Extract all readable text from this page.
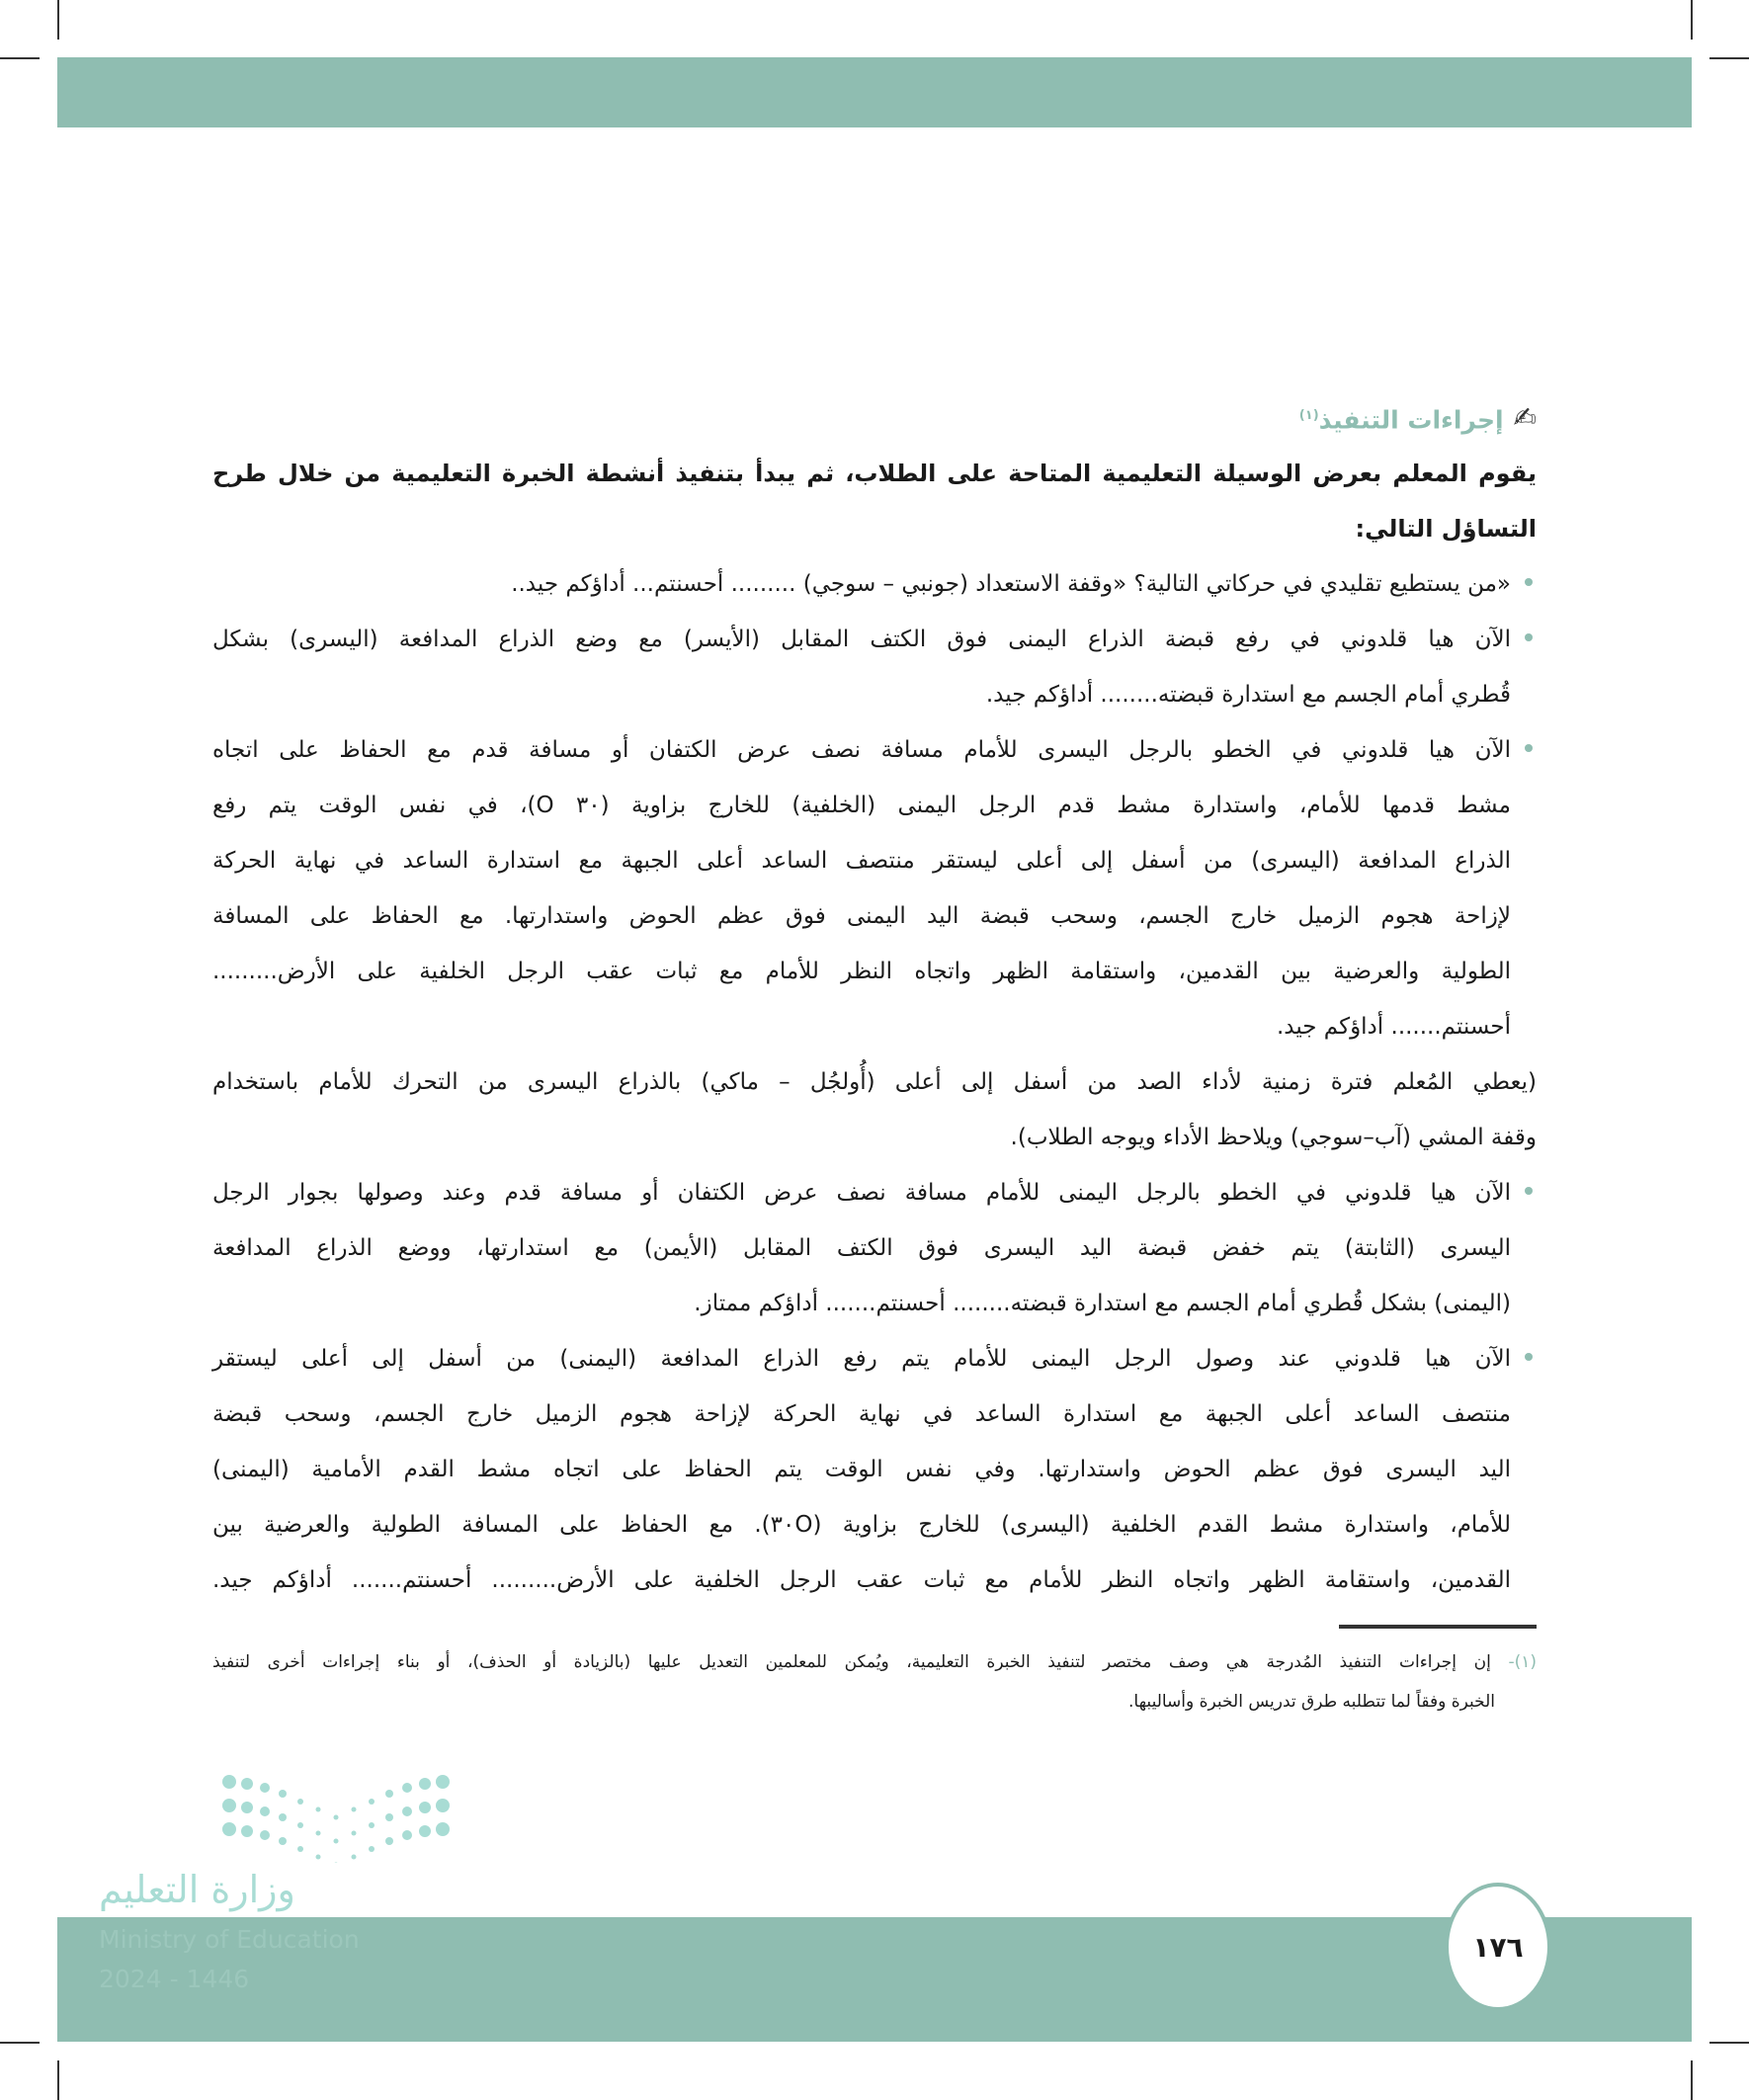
✍
إجراءات التنفيذ$^{(١)}$
يقوم المعلم بعرض الوسيلة التعليمية المتاحة على الطلاب، ثم يبدأ بتنفيذ أنشطة الخبرة التعليمية من خلال طرح
التساؤل التالي:
«من يستطيع تقليدي في حركاتي التالية؟ «وقفة الاستعداد (جونبي – سوجي) ......... أحسنتم... أداؤكم جيد..
الآن هيا قلدوني في رفع قبضة الذراع اليمنى فوق الكتف المقابل (الأيسر) مع وضع الذراع المدافعة (اليسرى) بشكل
قُطري أمام الجسم مع استدارة قبضته........ أداؤكم جيد.
الآن هيا قلدوني في الخطو بالرجل اليسرى للأمام مسافة نصف عرض الكتفان أو مسافة قدم مع الحفاظ على اتجاه
مشط قدمها للأمام، واستدارة مشط قدم الرجل اليمنى (الخلفية) للخارج بزاوية (٣٠ O)، في نفس الوقت يتم رفع
الذراع المدافعة (اليسرى) من أسفل إلى أعلى ليستقر منتصف الساعد أعلى الجبهة مع استدارة الساعد في نهاية الحركة
لإزاحة هجوم الزميل خارج الجسم، وسحب قبضة اليد اليمنى فوق عظم الحوض واستدارتها. مع الحفاظ على المسافة
الطولية والعرضية بين القدمين، واستقامة الظهر واتجاه النظر للأمام مع ثبات عقب الرجل الخلفية على الأرض.........
أحسنتم....... أداؤكم جيد.
(يعطي المُعلم فترة زمنية لأداء الصد من أسفل إلى أعلى (أُولجُل – ماكي) بالذراع اليسرى من التحرك للأمام باستخدام
وقفة المشي (آب–سوجي) ويلاحظ الأداء ويوجه الطلاب).
الآن هيا قلدوني في الخطو بالرجل اليمنى للأمام مسافة نصف عرض الكتفان أو مسافة قدم وعند وصولها بجوار الرجل
اليسرى (الثابتة) يتم خفض قبضة اليد اليسرى فوق الكتف المقابل (الأيمن) مع استدارتها، ووضع الذراع المدافعة
(اليمنى) بشكل قُطري أمام الجسم مع استدارة قبضته........ أحسنتم....... أداؤكم ممتاز.
الآن هيا قلدوني عند وصول الرجل اليمنى للأمام يتم رفع الذراع المدافعة (اليمنى) من أسفل إلى أعلى ليستقر
منتصف الساعد أعلى الجبهة مع استدارة الساعد في نهاية الحركة لإزاحة هجوم الزميل خارج الجسم، وسحب قبضة
اليد اليسرى فوق عظم الحوض واستدارتها. وفي نفس الوقت يتم الحفاظ على اتجاه مشط القدم الأمامية (اليمنى)
للأمام، واستدارة مشط القدم الخلفية (اليسرى) للخارج بزاوية (٣٠O). مع الحفاظ على المسافة الطولية والعرضية بين
القدمين، واستقامة الظهر واتجاه النظر للأمام مع ثبات عقب الرجل الخلفية على الأرض......... أحسنتم....... أداؤكم جيد.
(١)- إن إجراءات التنفيذ المُدرجة هي وصف مختصر لتنفيذ الخبرة التعليمية، ويُمكن للمعلمين التعديل عليها (بالزيادة أو الحذف)، أو بناء إجراءات أخرى لتنفيذ
الخبرة وفقاً لما تتطلبه طرق تدريس الخبرة وأساليبها.
وزارة التعليم
Ministry of Education
2024 - 1446
١٧٦
